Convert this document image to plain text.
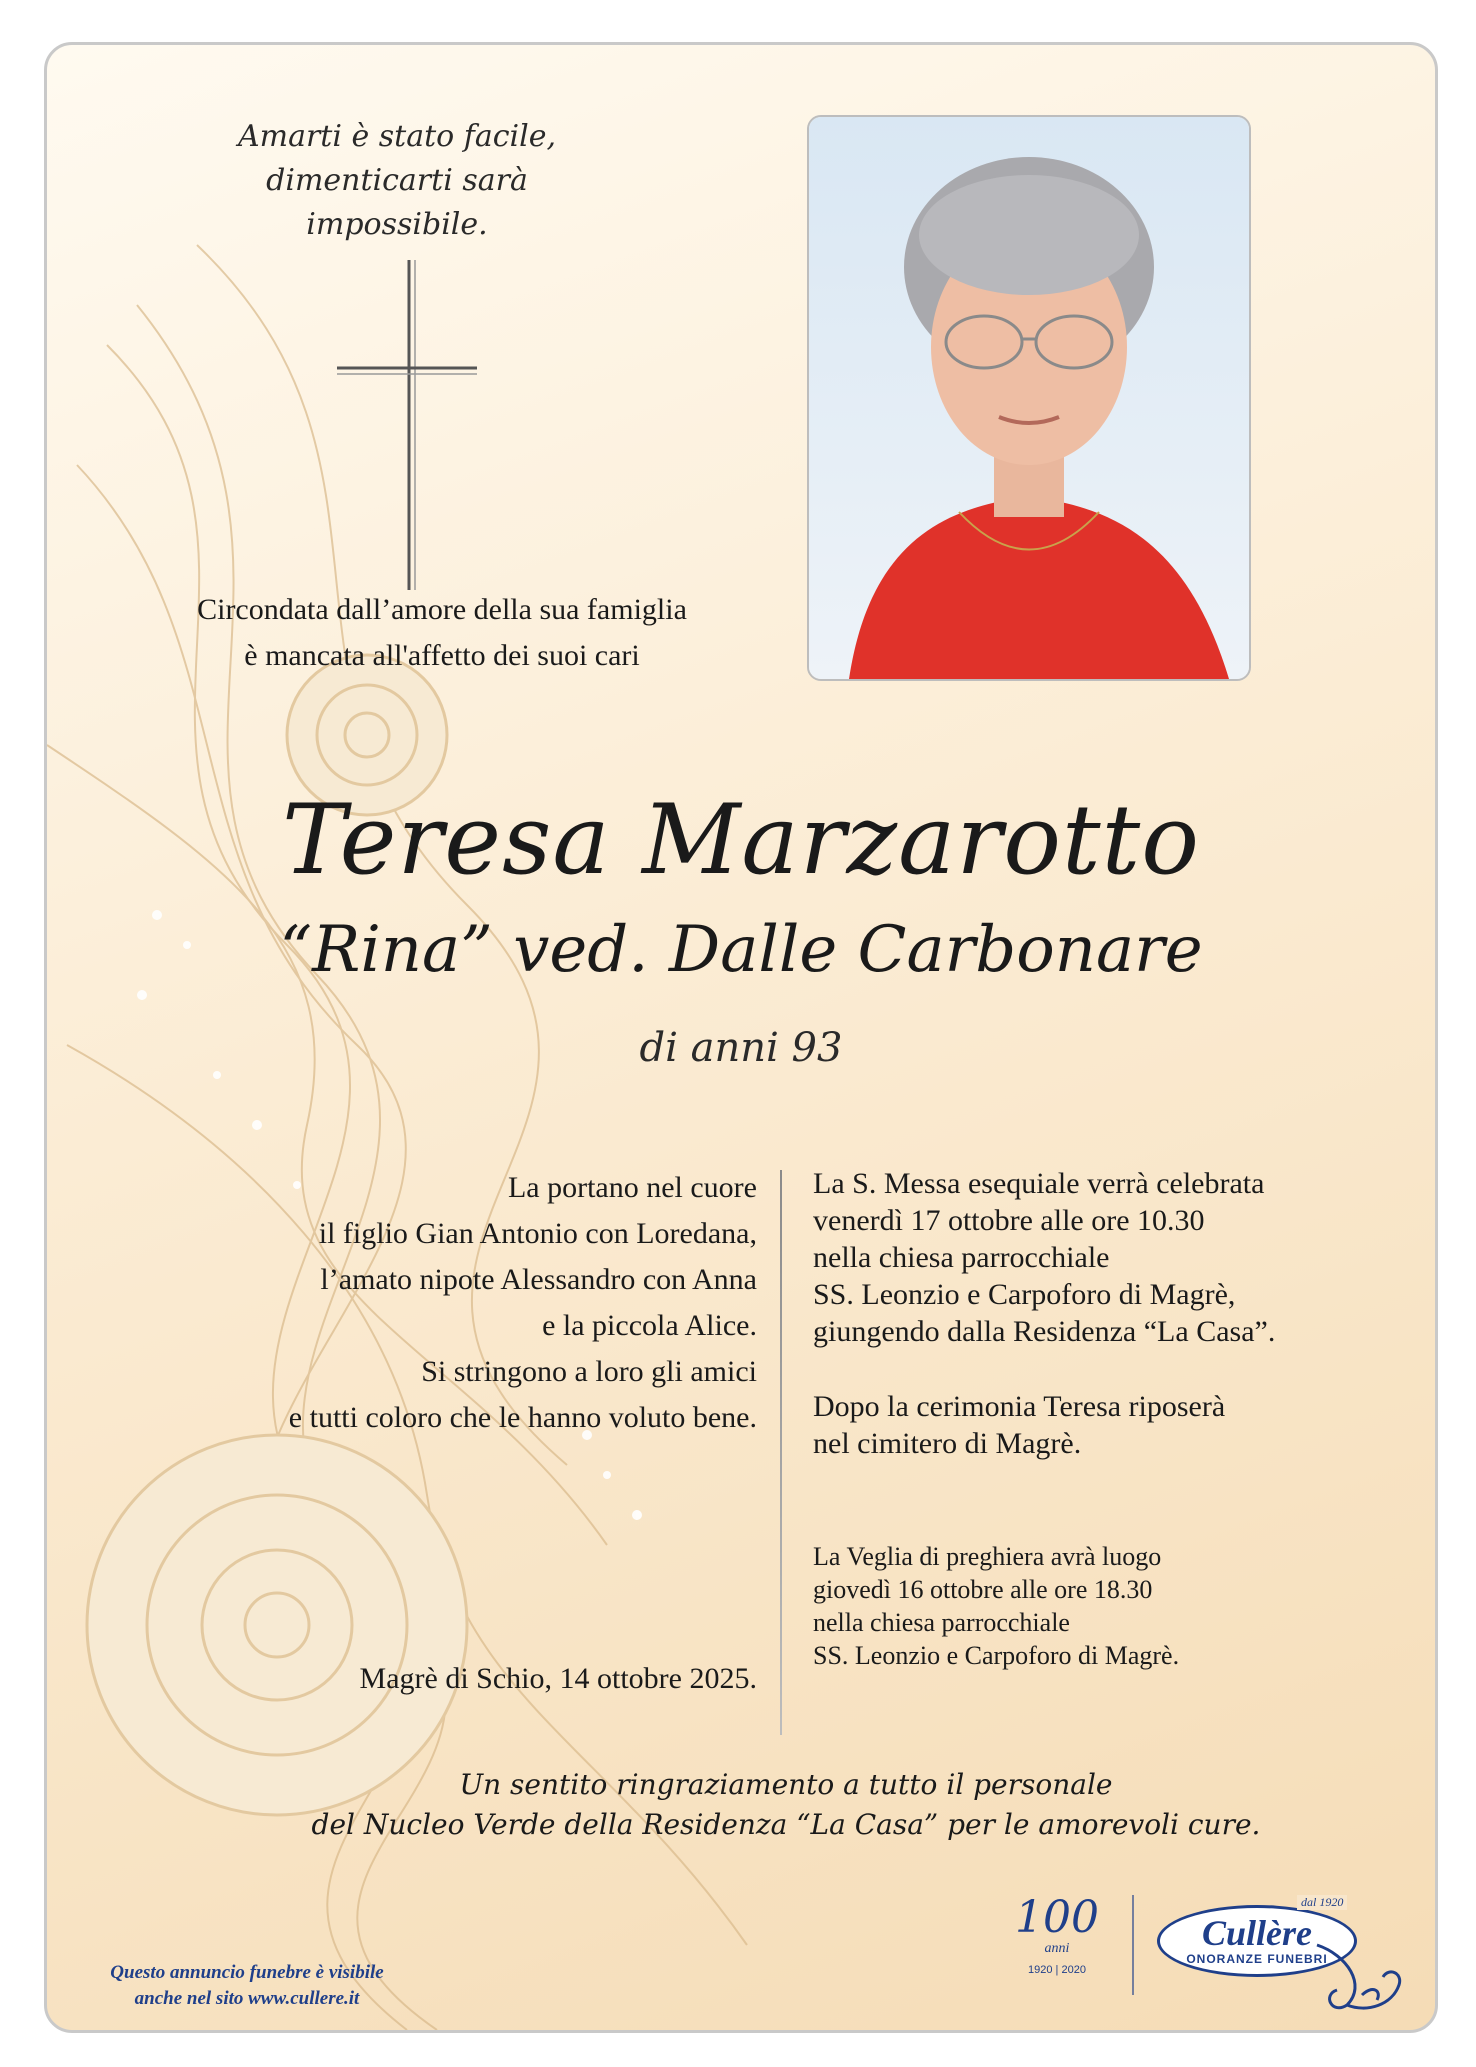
Amarti è stato facile,
dimenticarti sarà impossibile.
Circondata dall’amore della sua famiglia
è mancata all'affetto dei suoi cari
Teresa Marzarotto
“Rina” ved. Dalle Carbonare
di anni 93
La portano nel cuore
il figlio Gian Antonio con Loredana,
l’amato nipote Alessandro con Anna
e la piccola Alice.
Si stringono a loro gli amici
e tutti coloro che le hanno voluto bene.
Magrè di Schio, 14 ottobre 2025.

La S. Messa esequiale verrà celebrata
venerdì 17 ottobre alle ore 10.30
nella chiesa parrocchiale
SS. Leonzio e Carpoforo di Magrè,
giungendo dalla Residenza “La Casa”.

Dopo la cerimonia Teresa riposerà
nel cimitero di Magrè.

La Veglia di preghiera avrà luogo
giovedì 16 ottobre alle ore 18.30
nella chiesa parrocchiale
SS. Leonzio e Carpoforo di Magrè.
Un sentito ringraziamento a tutto il personale
del Nucleo Verde della Residenza “La Casa” per le amorevoli cure.
Questo annuncio funebre è visibile
anche nel sito www.cullere.it
100
anni
1920 | 2020
Cullère
ONORANZE FUNEBRI
dal 1920
